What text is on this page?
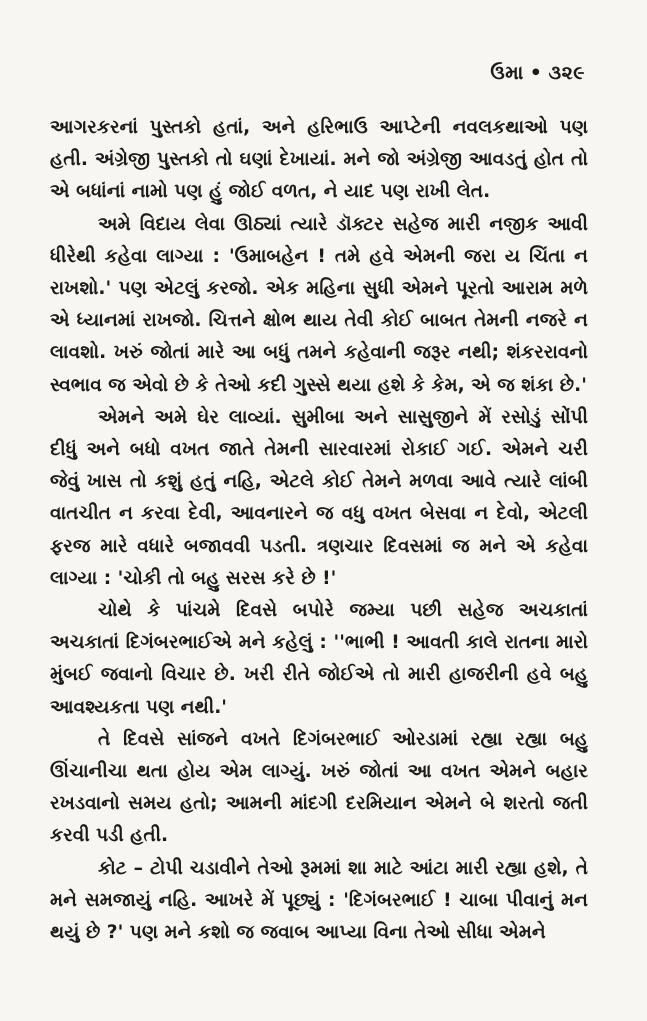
ઉમા • ૩૨૯

આગરકરનાં પુસ્તકો હતાં, અને હરિભાઉ આપ્ટેની નવલકથાઓ પણ હતી. અંગ્રેજી પુસ્તકો તો ઘણાં દેખાયાં. મને જો અંગ્રેજી આવડતું હોત તો એ બધાંનાં નામો પણ હું જોઈ વળત, ને યાદ પણ રાખી લેત.

અમે વિદાય લેવા ઊઠ્યાં ત્યારે ડૉક્ટર સહેજ મારી નજીક આવી ધીરેથી કહેવા લાગ્યા : 'ઉમાબહેન ! તમે હવે એમની જરા ય ચિંતા ન રાખશો.' પણ એટલું કરજો. એક મહિના સુધી એમને પૂરતો આરામ મળે એ ધ્યાનમાં રાખજો. ચિત્તને ક્ષોભ થાય તેવી કોઈ બાબત તેમની નજરે ન લાવશો. ખરું જોતાં મારે આ બધું તમને કહેવાની જરૂર નથી; શંકરરાવનો સ્વભાવ જ એવો છે કે તેઓ કદી ગુસ્સે થયા હશે કે કેમ, એ જ શંકા છે.'

એમને અમે ઘેર લાવ્યાં. સુમીબા અને સાસુજીને મેં રસોડું સોંપી દીધું અને બધો વખત જાતે તેમની સારવારમાં રોકાઈ ગઈ. એમને ચરી જેવું ખાસ તો કશું હતું નહિ, એટલે કોઈ તેમને મળવા આવે ત્યારે લાંબી વાતચીત ન કરવા દેવી, આવનારને જ વધુ વખત બેસવા ન દેવો, એટલી ફરજ મારે વધારે બજાવવી પડતી. ત્રણચાર દિવસમાં જ મને એ કહેવા લાગ્યા : 'ચોકી તો બહુ સરસ કરે છે !'

ચોથે કે પાંચમે દિવસે બપોરે જમ્યા પછી સહેજ અચકાતાં અચકાતાં દિગંબરભાઈએ મને કહેલું : ''ભાભી ! આવતી કાલે રાતના મારો મુંબઈ જવાનો વિચાર છે. ખરી રીતે જોઈએ તો મારી હાજરીની હવે બહુ આવશ્યકતા પણ નથી.'

તે દિવસે સાંજને વખતે દિગંબરભાઈ ઓરડામાં રહ્યા રહ્યા બહુ ઊંચાનીચા થતા હોય એમ લાગ્યું. ખરું જોતાં આ વખત એમને બહાર રખડવાનો સમય હતો; આમની માંદગી દરમિયાન એમને બે શરતો જતી કરવી પડી હતી.

કોટ – ટોપી ચડાવીને તેઓ રૂમમાં શા માટે આંટા મારી રહ્યા હશે, તે મને સમજાયું નહિ. આખરે મેં પૂછ્યું : 'દિગંબરભાઈ ! ચાબા પીવાનું મન થયું છે ?' પણ મને કશો જ જવાબ આપ્યા વિના તેઓ સીધા એમને
